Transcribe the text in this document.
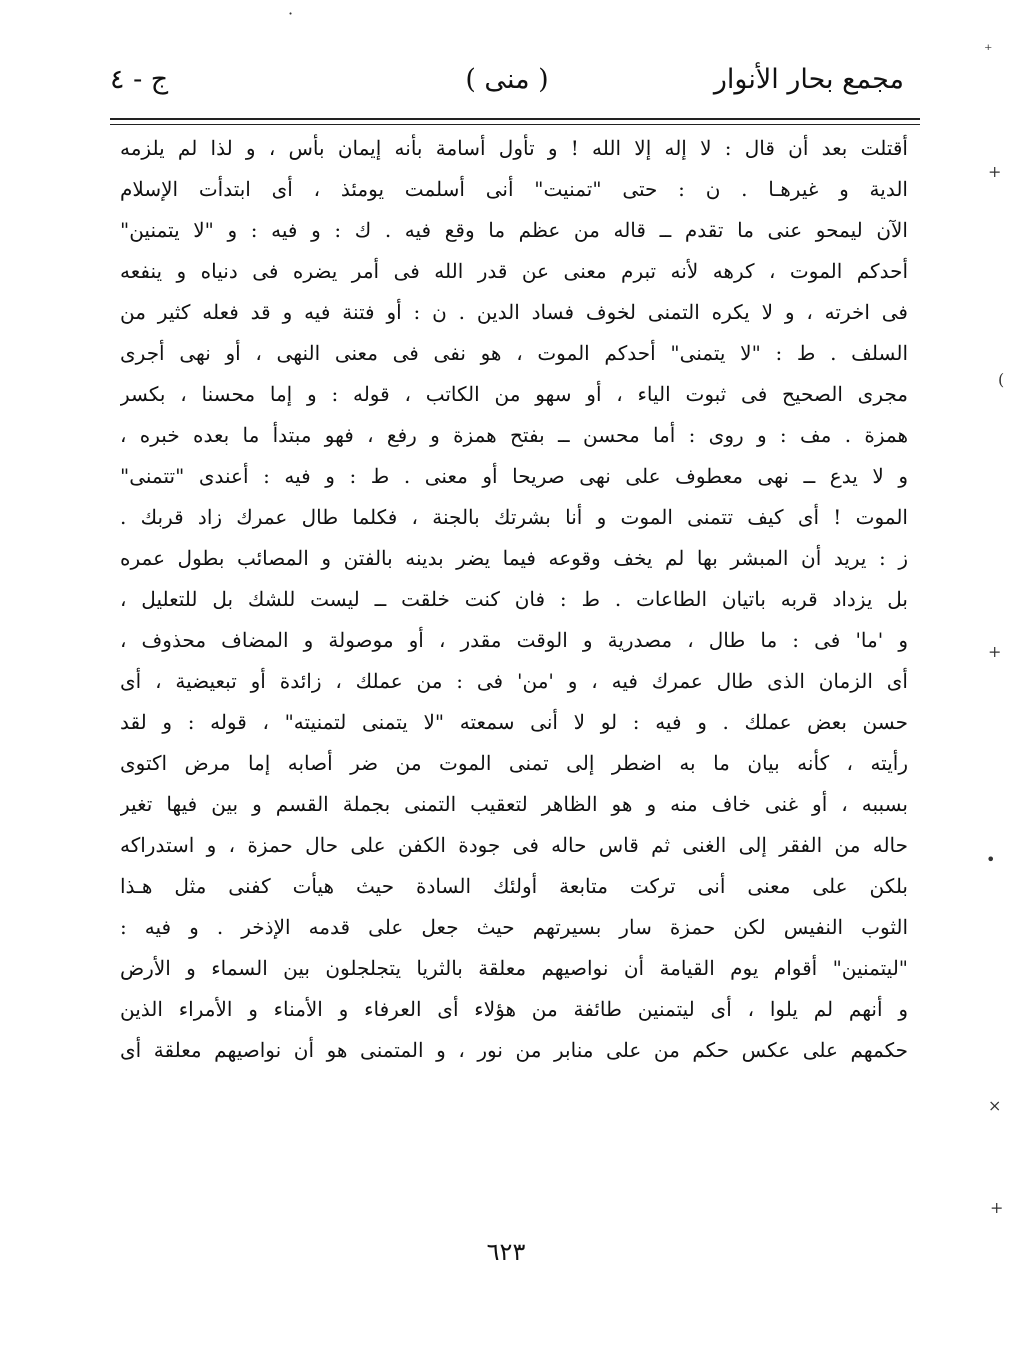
·
⁺
+
(
+
•
×
+
مجمع بحار الأنوار
( منى )
ج - ٤
أقتلت بعد أن قال : لا إله إلا الله ! و تأول أسامة بأنه إيمان بأس ، و لذا لم يلزمه
الدية و غيرهـا . ن : حتى "تمنيت" أنى أسلمت يومئذ ، أى ابتدأت الإسلام
الآن ليمحو عنى ما تقدم ــ قاله من عظم ما وقع فيه . ك : و فيه : و "لا يتمنين"
أحدكم الموت ، كرهه لأنه تبرم معنى عن قدر الله فى أمر يضره فى دنياه و ينفعه
فى اخرته ، و لا يكره التمنى لخوف فساد الدين . ن : أو فتنة فيه و قد فعله كثير من
السلف . ط : "لا يتمنى" أحدكم الموت ، هو نفى فى معنى النهى ، أو نهى أجرى
مجرى الصحيح فى ثبوت الياء ، أو سهو من الكاتب ، قوله : و إما محسنا ، بكسر
همزة . مف : و روى : أما محسن ــ بفتح همزة و رفع ، فهو مبتدأ ما بعده خبره ،
و لا يدع ــ نهى معطوف على نهى صريحا أو معنى . ط : و فيه : أعندى "تتمنى"
الموت ! أى كيف تتمنى الموت و أنا بشرتك بالجنة ، فكلما طال عمرك زاد قربك .
ز : يريد أن المبشر بها لم يخف وقوعه فيما يضر بدينه بالفتن و المصائب بطول عمره
بل يزداد قربه باتيان الطاعات . ط : فان كنت خلقت ــ ليست للشك بل للتعليل ،
و 'ما' فى : ما طال ، مصدرية و الوقت مقدر ، أو موصولة و المضاف محذوف ،
أى الزمان الذى طال عمرك فيه ، و 'من' فى : من عملك ، زائدة أو تبعيضية ، أى
حسن بعض عملك . و فيه : لو لا أنى سمعته "لا يتمنى لتمنيته" ، قوله : و لقد
رأيته ، كأنه بيان ما به اضطر إلى تمنى الموت من ضر أصابه إما مرض اكتوى
بسببه ، أو غنى خاف منه و هو الظاهر لتعقيب التمنى بجملة القسم و بين فيها تغير
حاله من الفقر إلى الغنى ثم قاس حاله فى جودة الكفن على حال حمزة ، و استدراكه
بلكن على معنى أنى تركت متابعة أولئك السادة حيث هيأت كفنى مثل هـذا
الثوب النفيس لكن حمزة سار بسيرتهم حيث جعل على قدمه الإذخر . و فيه :
"ليتمنين" أقوام يوم القيامة أن نواصيهم معلقة بالثريا يتجلجلون بين السماء و الأرض
و أنهم لم يلوا ، أى ليتمنين طائفة من هؤلاء أى العرفاء و الأمناء و الأمراء الذين
حكمهم على عكس حكم من على منابر من نور ، و المتمنى هو أن نواصيهم معلقة أى
٦٢٣
